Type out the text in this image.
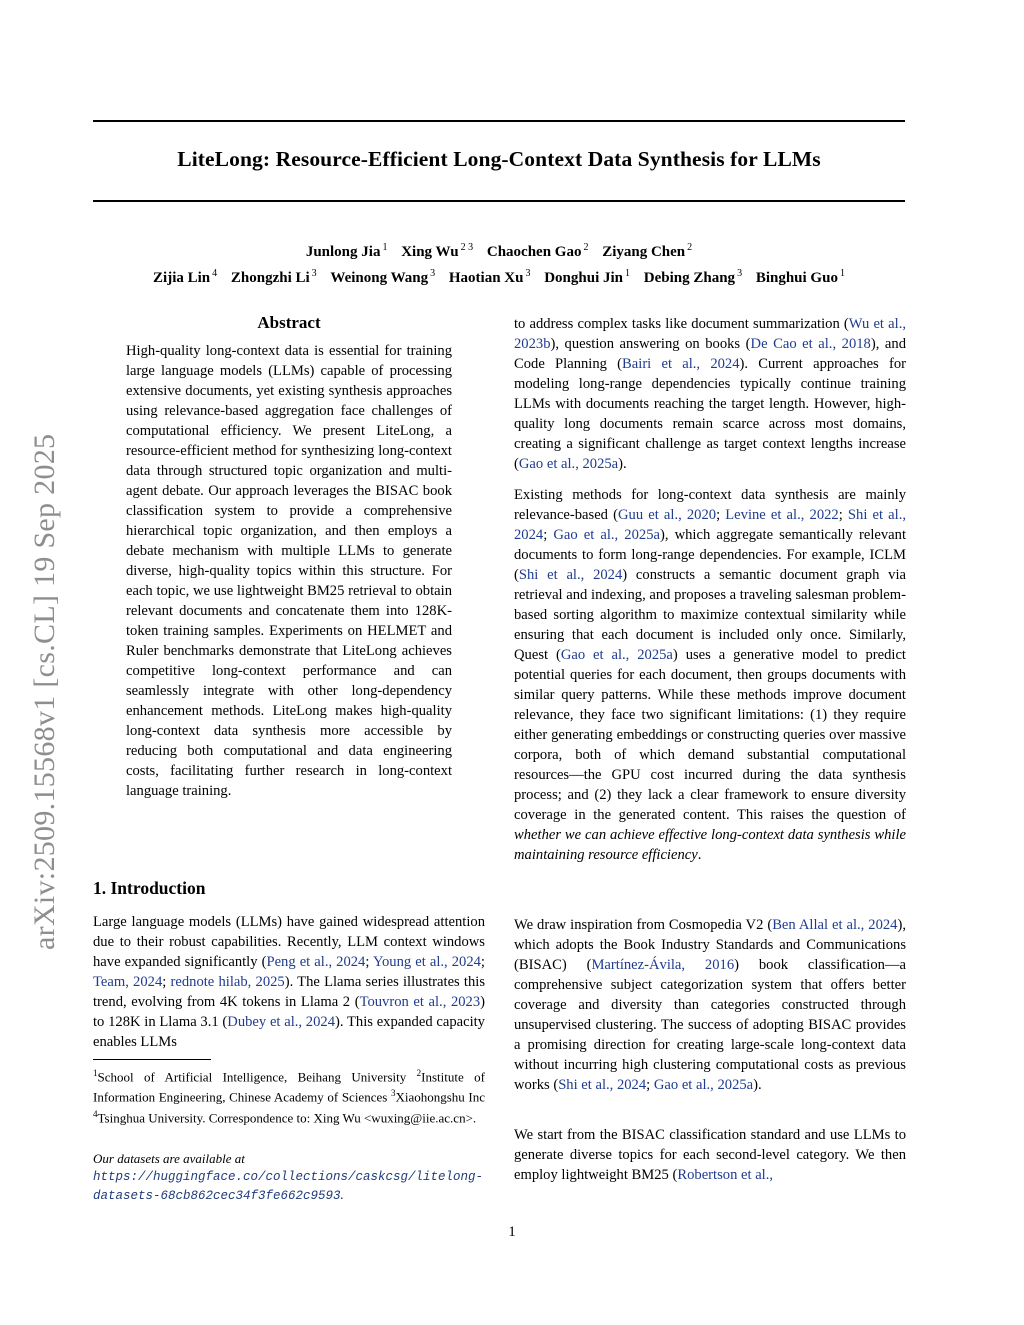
LiteLong: Resource-Efficient Long-Context Data Synthesis for LLMs
Junlong Jia $^1$ Xing Wu $^{2 3}$ Chaochen Gao $^2$ Ziyang Chen $^2$
Zijia Lin $^4$ Zhongzhi Li $^3$ Weinong Wang $^3$ Haotian Xu $^3$ Donghui Jin $^1$ Debing Zhang $^3$ Binghui Guo $^1$
arXiv:2509.15568v1 [cs.CL] 19 Sep 2025
Abstract

High-quality long-context data is essential for training large language models (LLMs) capable of processing extensive documents, yet existing synthesis approaches using relevance-based aggregation face challenges of computational efficiency. We present LiteLong, a resource-efficient method for synthesizing long-context data through structured topic organization and multi-agent debate. Our approach leverages the BISAC book classification system to provide a comprehensive hierarchical topic organization, and then employs a debate mechanism with multiple LLMs to generate diverse, high-quality topics within this structure. For each topic, we use lightweight BM25 retrieval to obtain relevant documents and concatenate them into 128K-token training samples. Experiments on HELMET and Ruler benchmarks demonstrate that LiteLong achieves competitive long-context performance and can seamlessly integrate with other long-dependency enhancement methods. LiteLong makes high-quality long-context data synthesis more accessible by reducing both computational and data engineering costs, facilitating further research in long-context language training.

1. Introduction

Large language models (LLMs) have gained widespread attention due to their robust capabilities. Recently, LLM context windows have expanded significantly (Peng et al., 2024; Young et al., 2024; Team, 2024; rednote hilab, 2025). The Llama series illustrates this trend, evolving from 4K tokens in Llama 2 (Touvron et al., 2023) to 128K in Llama 3.1 (Dubey et al., 2024). This expanded capacity enables LLMs

$^1$School of Artificial Intelligence, Beihang University $^2$Institute of Information Engineering, Chinese Academy of Sciences $^3$Xiaohongshu Inc $^4$Tsinghua University. Correspondence to: Xing Wu <wuxing@iie.ac.cn>.
Our datasets are available at https://huggingface.co/collections/caskcsg/litelong-datasets-68cb862cec34f3fe662c9593.

to address complex tasks like document summarization (Wu et al., 2023b), question answering on books (De Cao et al., 2018), and Code Planning (Bairi et al., 2024). Current approaches for modeling long-range dependencies typically continue training LLMs with documents reaching the target length. However, high-quality long documents remain scarce across most domains, creating a significant challenge as target context lengths increase (Gao et al., 2025a).

Existing methods for long-context data synthesis are mainly relevance-based (Guu et al., 2020; Levine et al., 2022; Shi et al., 2024; Gao et al., 2025a), which aggregate semantically relevant documents to form long-range dependencies. For example, ICLM (Shi et al., 2024) constructs a semantic document graph via retrieval and indexing, and proposes a traveling salesman problem-based sorting algorithm to maximize contextual similarity while ensuring that each document is included only once. Similarly, Quest (Gao et al., 2025a) uses a generative model to predict potential queries for each document, then groups documents with similar query patterns. While these methods improve document relevance, they face two significant limitations: (1) they require either generating embeddings or constructing queries over massive corpora, both of which demand substantial computational resources—the GPU cost incurred during the data synthesis process; and (2) they lack a clear framework to ensure diversity coverage in the generated content. This raises the question of whether we can achieve effective long-context data synthesis while maintaining resource efficiency.

We draw inspiration from Cosmopedia V2 (Ben Allal et al., 2024), which adopts the Book Industry Standards and Communications (BISAC) (Martínez-Ávila, 2016) book classification—a comprehensive subject categorization system that offers better coverage and diversity than categories constructed through unsupervised clustering. The success of adopting BISAC provides a promising direction for creating large-scale long-context data without incurring high clustering computational costs as previous works (Shi et al., 2024; Gao et al., 2025a).

We start from the BISAC classification standard and use LLMs to generate diverse topics for each second-level category. We then employ lightweight BM25 (Robertson et al.,

1
